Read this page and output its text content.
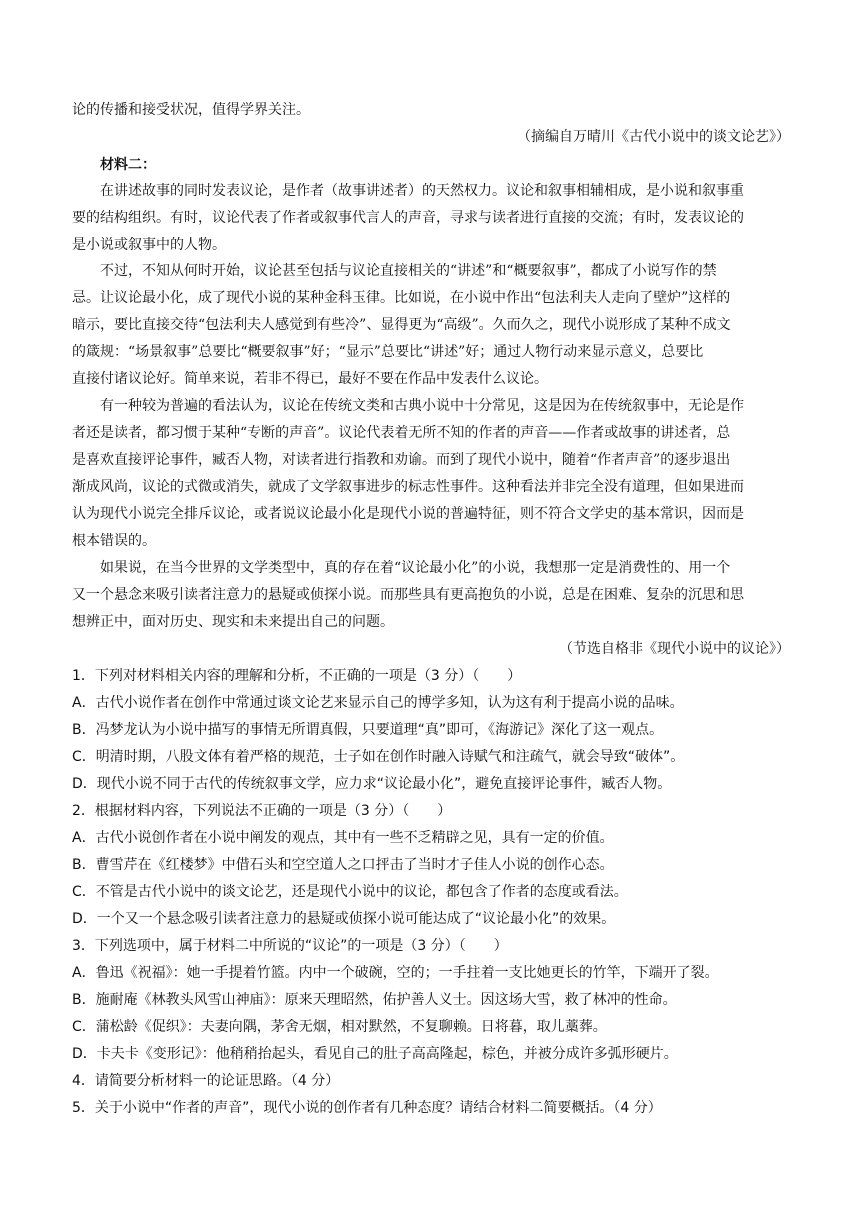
论的传播和接受状况，值得学界关注。
（摘编自万晴川《古代小说中的谈文论艺》）
材料二：
在讲述故事的同时发表议论，是作者（故事讲述者）的天然权力。议论和叙事相辅相成，是小说和叙事重
要的结构组织。有时，议论代表了作者或叙事代言人的声音，寻求与读者进行直接的交流；有时，发表议论的
是小说或叙事中的人物。
不过，不知从何时开始，议论甚至包括与议论直接相关的“讲述”和“概要叙事”，都成了小说写作的禁
忌。让议论最小化，成了现代小说的某种金科玉律。比如说，在小说中作出“包法利夫人走向了壁炉”这样的
暗示，要比直接交待“包法利夫人感觉到有些冷”、显得更为“高级”。久而久之，现代小说形成了某种不成文
的箴规：“场景叙事”总要比“概要叙事”好；“显示”总要比“讲述”好；通过人物行动来显示意义，总要比
直接付诸议论好。简单来说，若非不得已，最好不要在作品中发表什么议论。
有一种较为普遍的看法认为，议论在传统文类和古典小说中十分常见，这是因为在传统叙事中，无论是作
者还是读者，都习惯于某种“专断的声音”。议论代表着无所不知的作者的声音——作者或故事的讲述者，总
是喜欢直接评论事件，臧否人物，对读者进行指教和劝谕。而到了现代小说中，随着“作者声音”的逐步退出
渐成风尚，议论的式微或消失，就成了文学叙事进步的标志性事件。这种看法并非完全没有道理，但如果进而
认为现代小说完全排斥议论，或者说议论最小化是现代小说的普遍特征，则不符合文学史的基本常识，因而是
根本错误的。
如果说，在当今世界的文学类型中，真的存在着“议论最小化”的小说，我想那一定是消费性的、用一个
又一个悬念来吸引读者注意力的悬疑或侦探小说。而那些具有更高抱负的小说，总是在困难、复杂的沉思和思
想辨正中，面对历史、现实和未来提出自己的问题。
（节选自格非《现代小说中的议论》）
1．下列对材料相关内容的理解和分析，不正确的一项是（3 分）（　　）
A．古代小说作者在创作中常通过谈文论艺来显示自己的博学多知，认为这有利于提高小说的品味。
B．冯梦龙认为小说中描写的事情无所谓真假，只要道理“真”即可，《海游记》深化了这一观点。
C．明清时期，八股文体有着严格的规范，士子如在创作时融入诗赋气和注疏气，就会导致“破体”。
D．现代小说不同于古代的传统叙事文学，应力求“议论最小化”，避免直接评论事件，臧否人物。
2．根据材料内容，下列说法不正确的一项是（3 分）（　　）
A．古代小说创作者在小说中阐发的观点，其中有一些不乏精辟之见，具有一定的价值。
B．曹雪芹在《红楼梦》中借石头和空空道人之口抨击了当时才子佳人小说的创作心态。
C．不管是古代小说中的谈文论艺，还是现代小说中的议论，都包含了作者的态度或看法。
D．一个又一个悬念吸引读者注意力的悬疑或侦探小说可能达成了“议论最小化”的效果。
3．下列选项中，属于材料二中所说的“议论”的一项是（3 分）（　　）
A．鲁迅《祝福》：她一手提着竹篮。内中一个破碗，空的；一手拄着一支比她更长的竹竿，下端开了裂。
B．施耐庵《林教头风雪山神庙》：原来天理昭然，佑护善人义士。因这场大雪，救了林冲的性命。
C．蒲松龄《促织》：夫妻向隅，茅舍无烟，相对默然，不复聊赖。日将暮，取儿藁葬。
D．卡夫卡《变形记》：他稍稍抬起头，看见自己的肚子高高隆起，棕色，并被分成许多弧形硬片。
4．请简要分析材料一的论证思路。（4 分）
5．关于小说中“作者的声音”，现代小说的创作者有几种态度？请结合材料二简要概括。（4 分）
